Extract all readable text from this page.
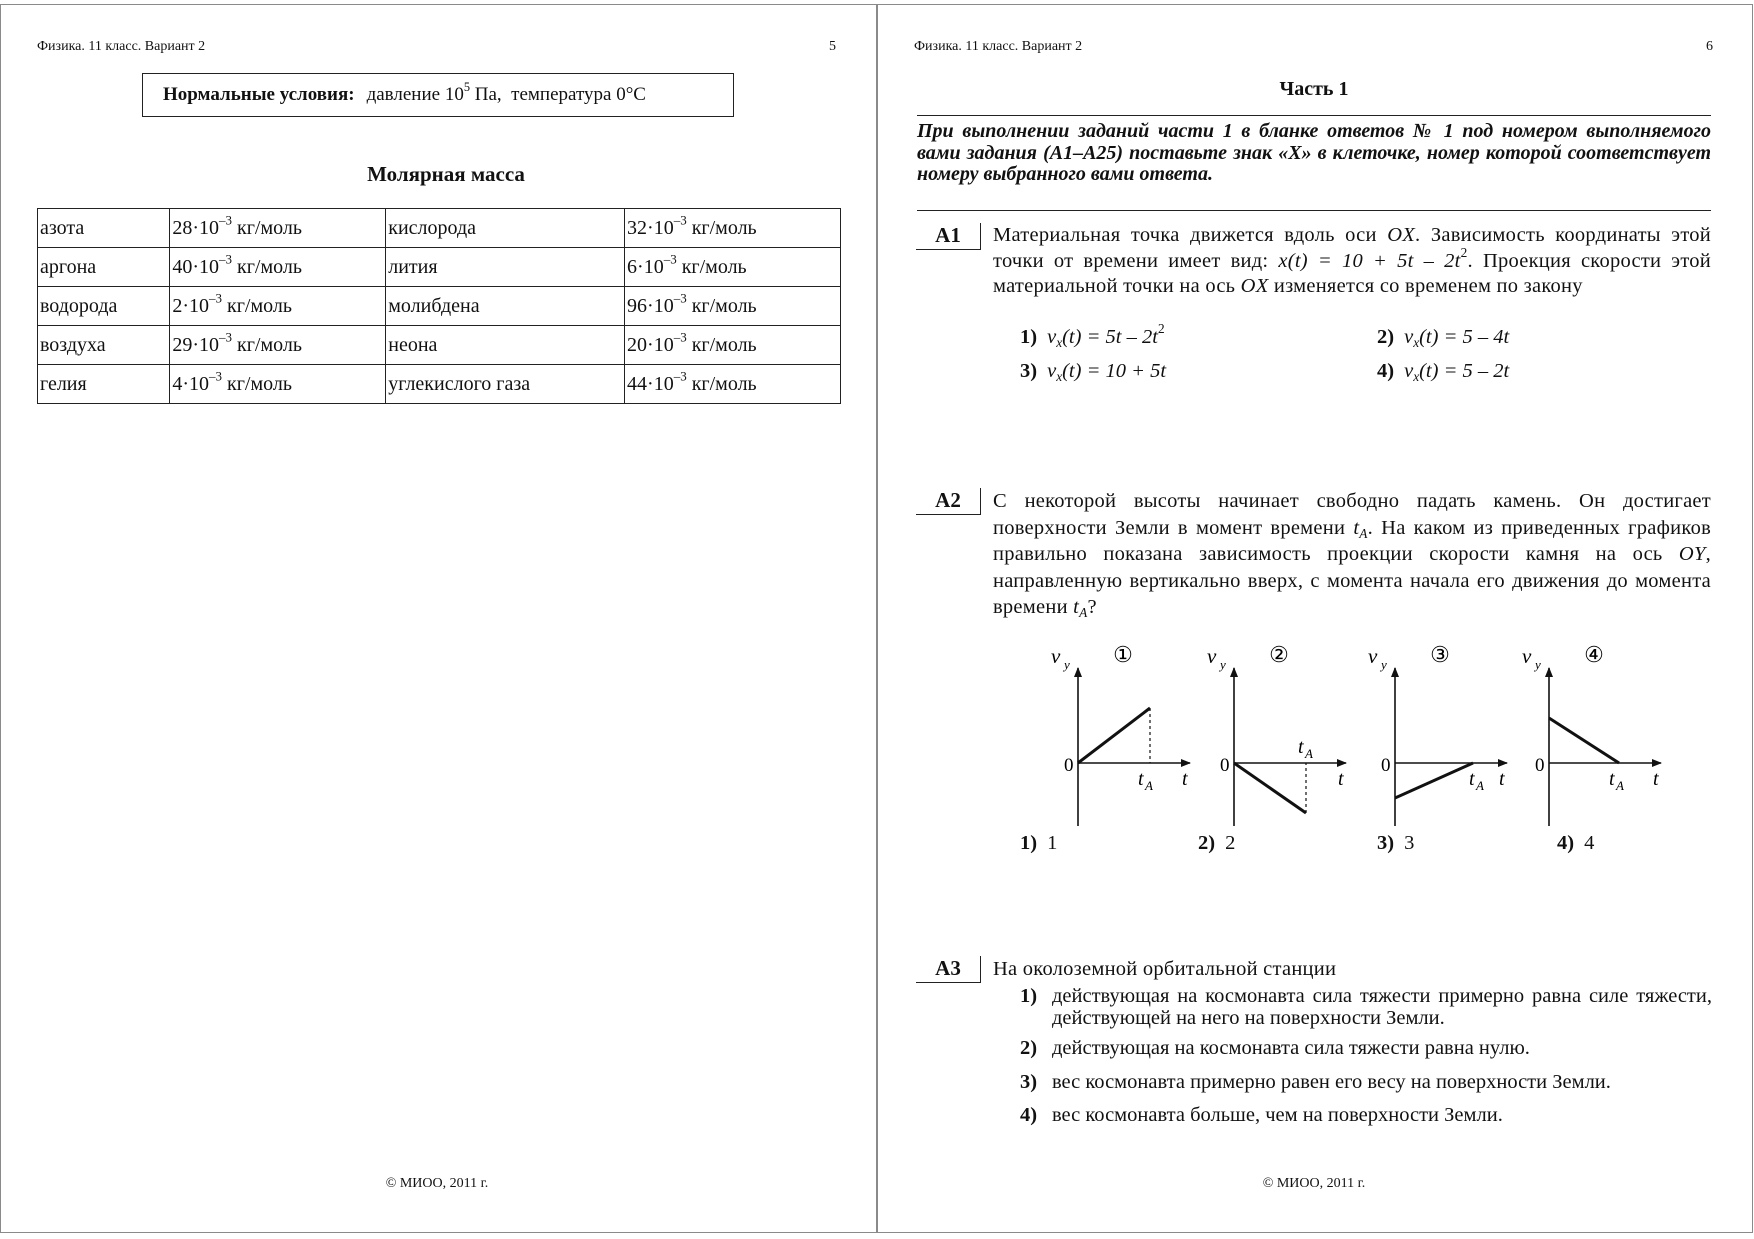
Физика. 11 класс. Вариант 2	5
Нормальные условия: давление $10^5$ Па, температура 0°C
Молярная масса
азота	$28\cdot 10^{-3}$ кг/моль	кислорода	$32\cdot 10^{-3}$ кг/моль
аргона	$40\cdot 10^{-3}$ кг/моль	лития	$6\cdot 10^{-3}$ кг/моль
водорода	$2\cdot 10^{-3}$ кг/моль	молибдена	$96\cdot 10^{-3}$ кг/моль
воздуха	$29\cdot 10^{-3}$ кг/моль	неона	$20\cdot 10^{-3}$ кг/моль
гелия	$4\cdot 10^{-3}$ кг/моль	углекислого газа	$44\cdot 10^{-3}$ кг/моль
© МИОО, 2011 г.
Физика. 11 класс. Вариант 2	6
Часть 1
При выполнении заданий части 1 в бланке ответов № 1 под номером выполняемого вами задания (А1–А25) поставьте знак «X» в клеточке, номер которой соответствует номеру выбранного вами ответа.
А1	Материальная точка движется вдоль оси OX. Зависимость координаты этой точки от времени имеет вид: $x(t) = 10 + 5t - 2t^2$. Проекция скорости этой материальной точки на ось OX изменяется со временем по закону
1) $v_x(t) = 5t - 2t^2$	2) $v_x(t) = 5 - 4t$
3) $v_x(t) = 10 + 5t$	4) $v_x(t) = 5 - 2t$
А2	С некоторой высоты начинает свободно падать камень. Он достигает поверхности Земли в момент времени $t_A$. На каком из приведенных графиков правильно показана зависимость проекции скорости камня на ось OY, направленную вертикально вверх, с момента начала его движения до момента времени $t_A$?
①
v y
0
t
t A
②
v y
0
t
t A
③
v y
0
t
t A
④
v y
0
t
t A
1) 1	2) 2	3) 3	4) 4
А3	На околоземной орбитальной станции
1) действующая на космонавта сила тяжести примерно равна силе тяжести, действующей на него на поверхности Земли.
2) действующая на космонавта сила тяжести равна нулю.
3) вес космонавта примерно равен его весу на поверхности Земли.
4) вес космонавта больше, чем на поверхности Земли.
© МИОО, 2011 г.
